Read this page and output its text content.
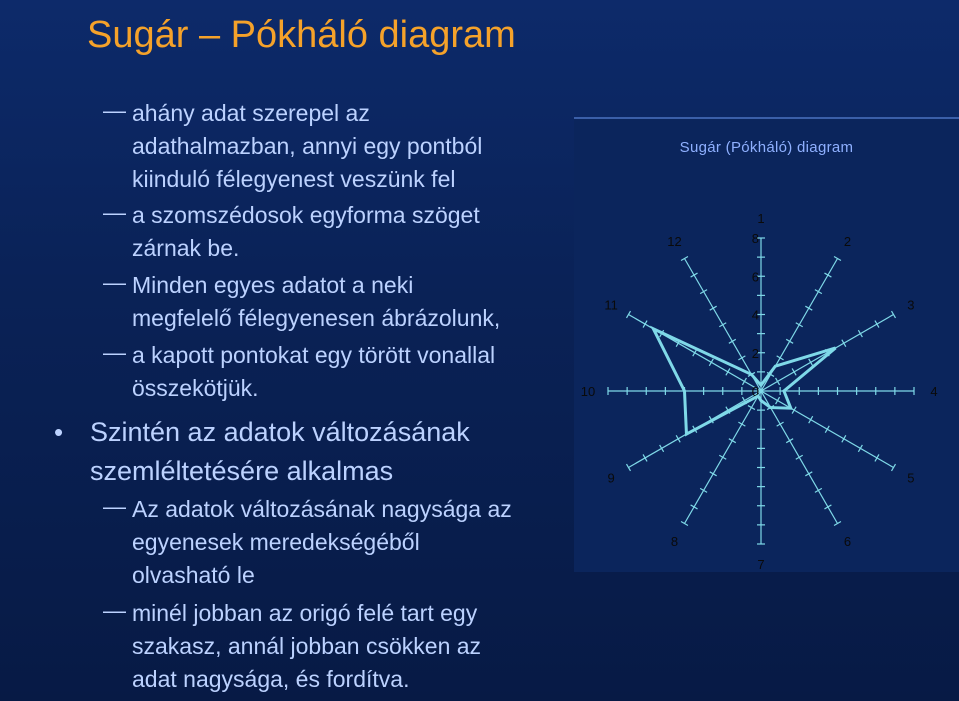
Sugár – Pókháló diagram
— ahány adat szerepel az
adathalmazban, annyi egy pontból
kiinduló félegyenest veszünk fel
— a szomszédosok egyforma szöget
zárnak be.
— Minden egyes adatot a neki
megfelelő félegyenesen ábrázolunk,
— a kapott pontokat egy törött vonallal
összekötjük.
• Szintén az adatok változásának
szemléltetésére alkalmas
— Az adatok változásának nagysága az
egyenesek meredekségéből
olvasható le
— minél jobban az origó felé tart egy
szakasz, annál jobban csökken az
adat nagysága, és fordítva.
Sugár (Pókháló) diagram
0
2
4
6
8
1
2
3
4
5
6
7
8
9
10
11
12
